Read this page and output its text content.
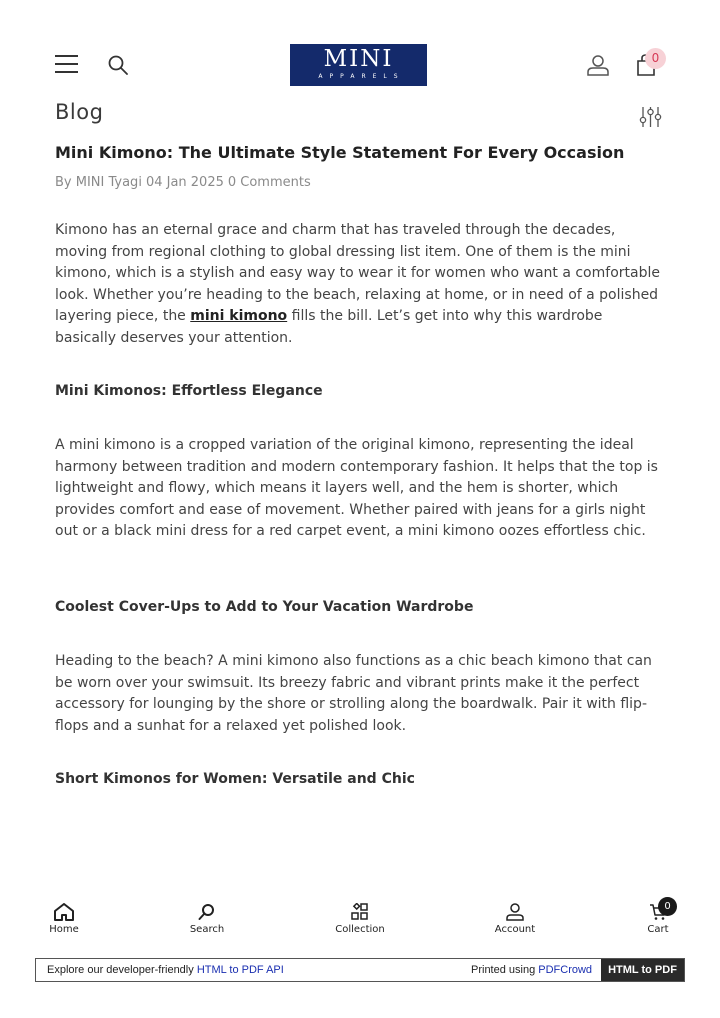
MINI
APPARELS
0
Blog
Mini Kimono: The Ultimate Style Statement For Every Occasion
By MINI Tyagi 04 Jan 2025 0 Comments

Kimono has an eternal grace and charm that has traveled through the decades, moving from regional clothing to global dressing list item. One of them is the mini kimono, which is a stylish and easy way to wear it for women who want a comfortable look. Whether you’re heading to the beach, relaxing at home, or in need of a polished layering piece, the mini kimono fills the bill. Let’s get into why this wardrobe basically deserves your attention.

Mini Kimonos: Effortless Elegance

A mini kimono is a cropped variation of the original kimono, representing the ideal harmony between tradition and modern contemporary fashion. It helps that the top is lightweight and flowy, which means it layers well, and the hem is shorter, which provides comfort and ease of movement. Whether paired with jeans for a girls night out or a black mini dress for a red carpet event, a mini kimono oozes effortless chic.

Coolest Cover-Ups to Add to Your Vacation Wardrobe

Heading to the beach? A mini kimono also functions as a chic beach kimono that can be worn over your swimsuit. Its breezy fabric and vibrant prints make it the perfect accessory for lounging by the shore or strolling along the boardwalk. Pair it with flip-flops and a sunhat for a relaxed yet polished look.

Short Kimonos for Women: Versatile and Chic
Home	Search	Collection	Account	Cart
0
Explore our developer-friendly HTML to PDF API	Printed using PDFCrowd	HTML to PDF
